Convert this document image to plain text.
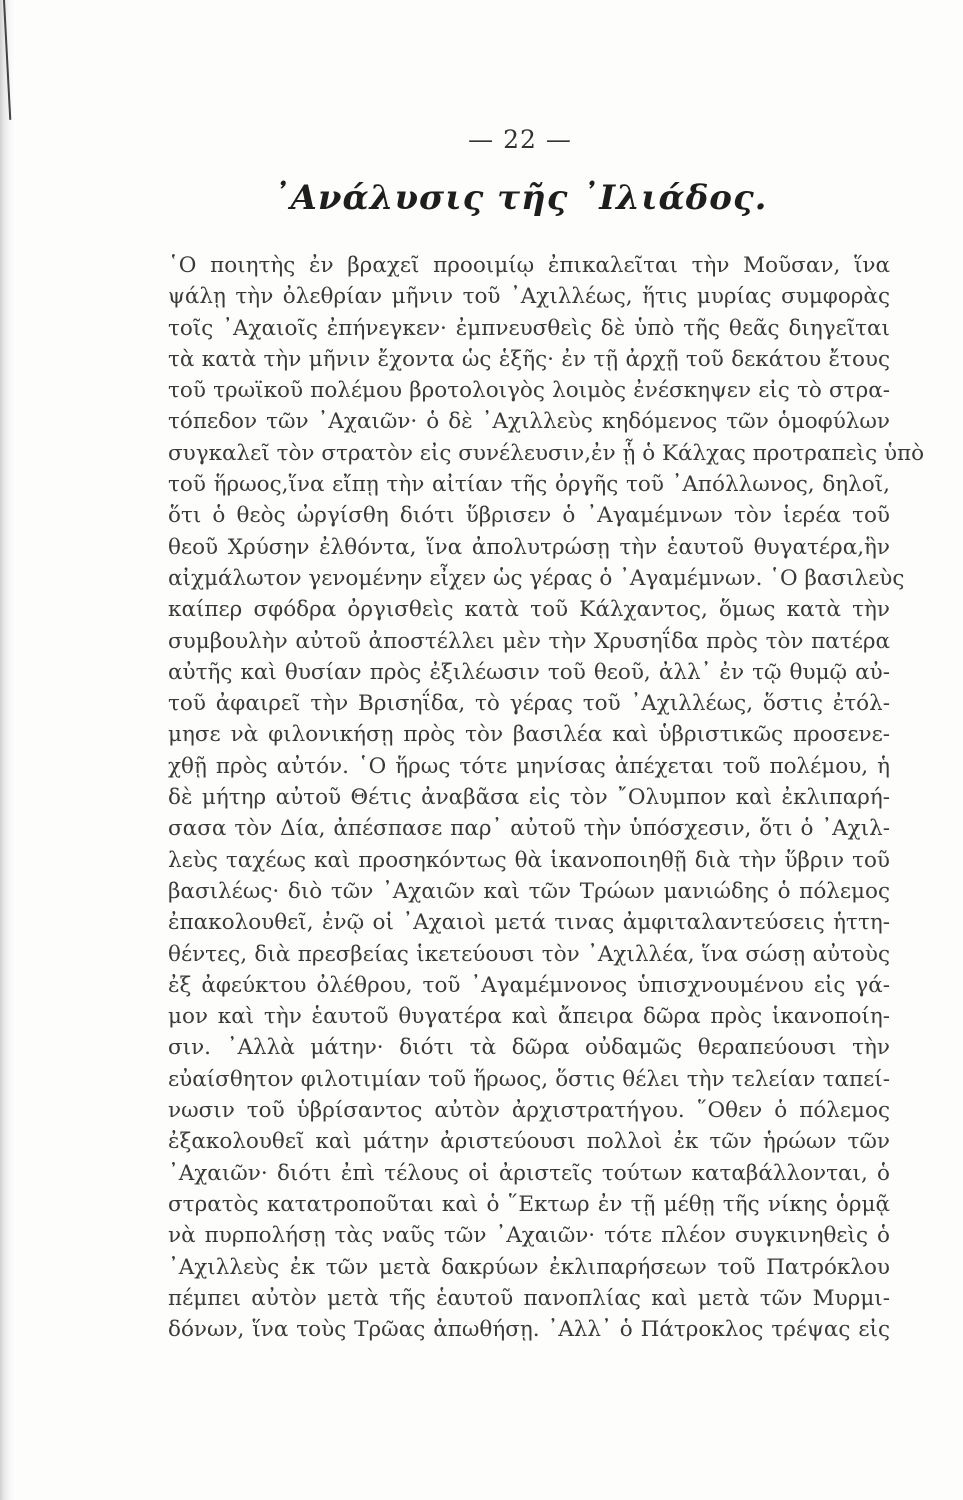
— 22 —
᾿Ανάλυσις τῆς ᾿Ιλιάδος.
῾Ο ποιητὴς ἐν βραχεῖ προοιμίῳ ἐπικαλεῖται τὴν Μοῦσαν, ἵνα
ψάλῃ τὴν ὀλεθρίαν μῆνιν τοῦ ᾿Αχιλλέως, ἥτις μυρίας συμφορὰς
τοῖς ᾿Αχαιοῖς ἐπήνεγκεν· ἐμπνευσθεὶς δὲ ὑπὸ τῆς θεᾶς διηγεῖται
τὰ κατὰ τὴν μῆνιν ἔχοντα ὡς ἑξῆς· ἐν τῇ ἀρχῇ τοῦ δεκάτου ἔτους
τοῦ τρωϊκοῦ πολέμου βροτολοιγὸς λοιμὸς ἐνέσκηψεν εἰς τὸ στρα-
τόπεδον τῶν ᾿Αχαιῶν· ὁ δὲ ᾿Αχιλλεὺς κηδόμενος τῶν ὁμοφύλων
συγκαλεῖ τὸν στρατὸν εἰς συνέλευσιν,ἐν ᾗ ὁ Κάλχας προτραπεὶς ὑπὸ
τοῦ ἥρωος,ἵνα εἴπῃ τὴν αἰτίαν τῆς ὀργῆς τοῦ ᾿Απόλλωνος, δηλοῖ,
ὅτι ὁ θεὸς ὠργίσθη διότι ὕβρισεν ὁ ᾿Αγαμέμνων τὸν ἱερέα τοῦ
θεοῦ Χρύσην ἐλθόντα, ἵνα ἀπολυτρώσῃ τὴν ἑαυτοῦ θυγατέρα,ἣν
αἰχμάλωτον γενομένην εἶχεν ὡς γέρας ὁ ᾿Αγαμέμνων. ῾Ο βασιλεὺς
καίπερ σφόδρα ὀργισθεὶς κατὰ τοῦ Κάλχαντος, ὅμως κατὰ τὴν
συμβουλὴν αὐτοῦ ἀποστέλλει μὲν τὴν Χρυσηΐδα πρὸς τὸν πατέρα
αὐτῆς καὶ θυσίαν πρὸς ἐξιλέωσιν τοῦ θεοῦ, ἀλλ᾿ ἐν τῷ θυμῷ αὐ-
τοῦ ἀφαιρεῖ τὴν Βρισηΐδα, τὸ γέρας τοῦ ᾿Αχιλλέως, ὅστις ἐτόλ-
μησε νὰ φιλονικήσῃ πρὸς τὸν βασιλέα καὶ ὑβριστικῶς προσενε-
χθῇ πρὸς αὐτόν. ῾Ο ἥρως τότε μηνίσας ἀπέχεται τοῦ πολέμου, ἡ
δὲ μήτηρ αὐτοῦ Θέτις ἀναβᾶσα εἰς τὸν ῎Ολυμπον καὶ ἐκλιπαρή-
σασα τὸν Δία, ἀπέσπασε παρ᾿ αὐτοῦ τὴν ὑπόσχεσιν, ὅτι ὁ ᾿Αχιλ-
λεὺς ταχέως καὶ προσηκόντως θὰ ἱκανοποιηθῇ διὰ τὴν ὕβριν τοῦ
βασιλέως· διὸ τῶν ᾿Αχαιῶν καὶ τῶν Τρώων μανιώδης ὁ πόλεμος
ἐπακολουθεῖ, ἐνῷ οἱ ᾿Αχαιοὶ μετά τινας ἀμφιταλαντεύσεις ἡττη-
θέντες, διὰ πρεσβείας ἱκετεύουσι τὸν ᾿Αχιλλέα, ἵνα σώσῃ αὐτοὺς
ἐξ ἀφεύκτου ὀλέθρου, τοῦ ᾿Αγαμέμνονος ὑπισχνουμένου εἰς γά-
μον καὶ τὴν ἑαυτοῦ θυγατέρα καὶ ἄπειρα δῶρα πρὸς ἱκανοποίη-
σιν. ᾿Αλλὰ μάτην· διότι τὰ δῶρα οὐδαμῶς θεραπεύουσι τὴν
εὐαίσθητον φιλοτιμίαν τοῦ ἥρωος, ὅστις θέλει τὴν τελείαν ταπεί-
νωσιν τοῦ ὑβρίσαντος αὐτὸν ἀρχιστρατήγου. ῞Οθεν ὁ πόλεμος
ἐξακολουθεῖ καὶ μάτην ἀριστεύουσι πολλοὶ ἐκ τῶν ἡρώων τῶν
᾿Αχαιῶν· διότι ἐπὶ τέλους οἱ ἀριστεῖς τούτων καταβάλλονται, ὁ
στρατὸς κατατροποῦται καὶ ὁ ῞Εκτωρ ἐν τῇ μέθῃ τῆς νίκης ὁρμᾷ
νὰ πυρπολήσῃ τὰς ναῦς τῶν ᾿Αχαιῶν· τότε πλέον συγκινηθεὶς ὁ
᾿Αχιλλεὺς ἐκ τῶν μετὰ δακρύων ἐκλιπαρήσεων τοῦ Πατρόκλου
πέμπει αὐτὸν μετὰ τῆς ἑαυτοῦ πανοπλίας καὶ μετὰ τῶν Μυρμι-
δόνων, ἵνα τοὺς Τρῶας ἀπωθήσῃ. ᾿Αλλ᾿ ὁ Πάτροκλος τρέψας εἰς
